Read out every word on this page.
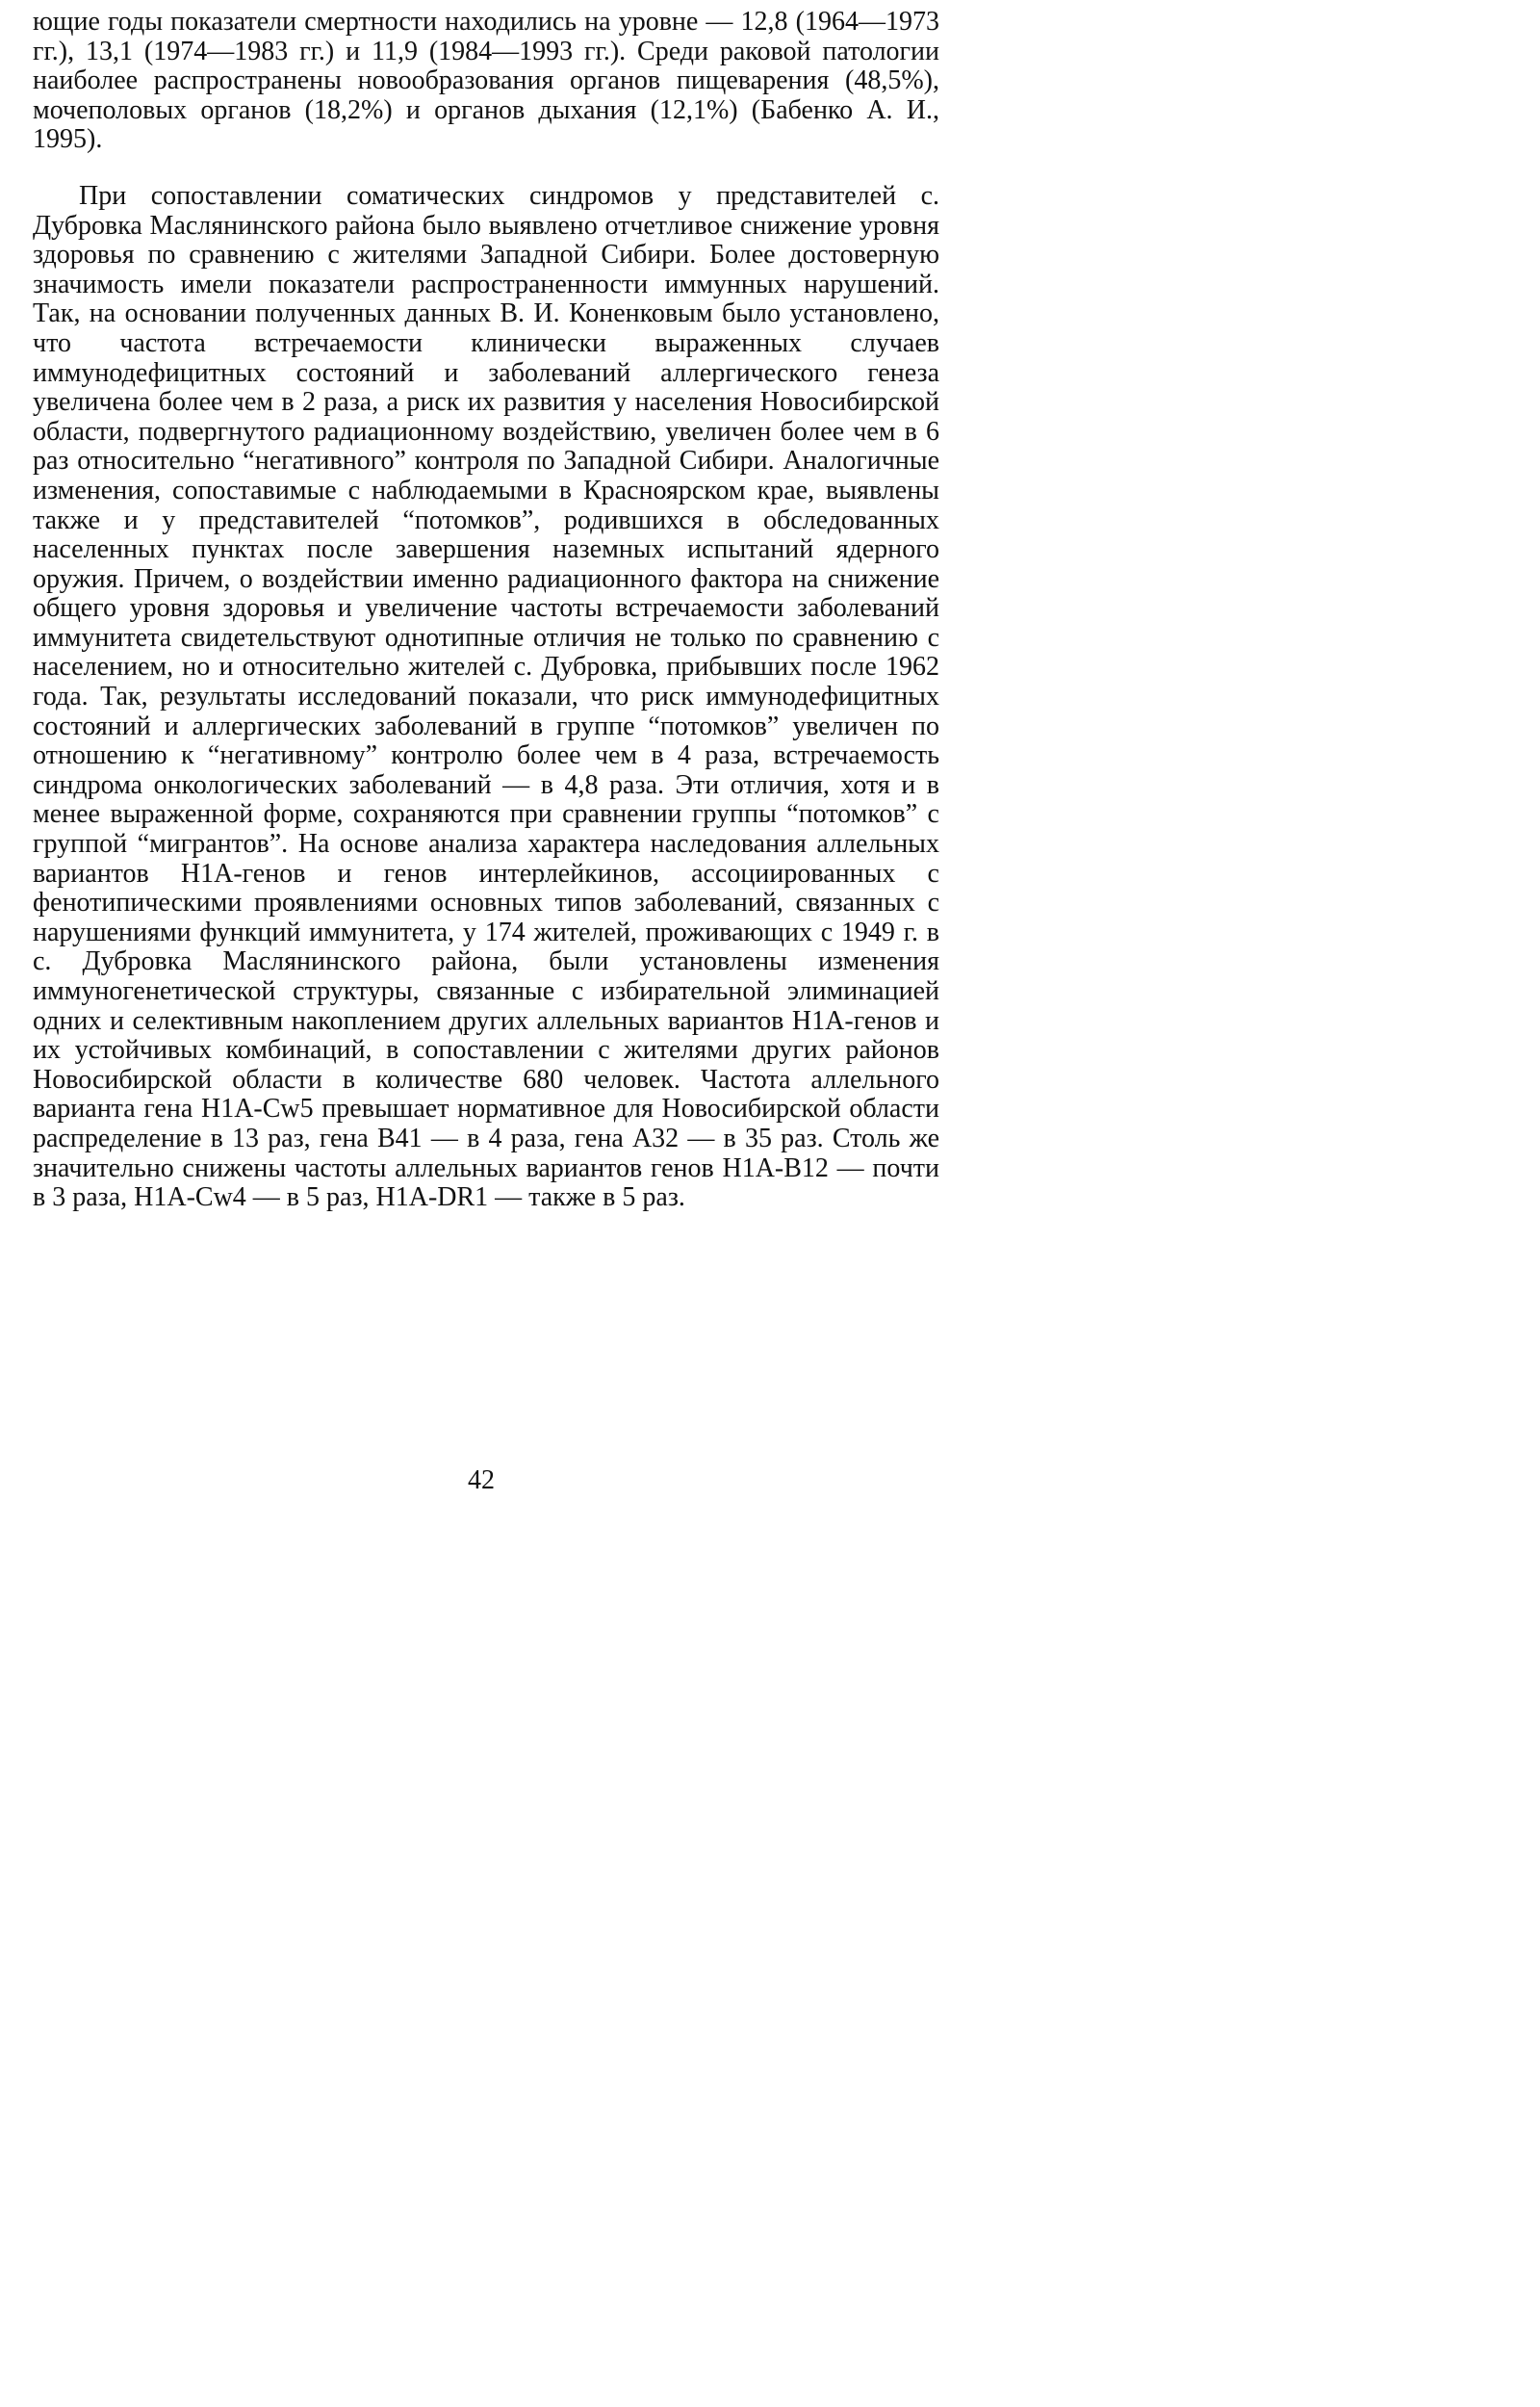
ющие годы показатели смертности находились на уровне — 12,8 (1964—1973 гг.), 13,1 (1974—1983 гг.) и 11,9 (1984—1993 гг.). Среди раковой патологии наиболее распространены новообразования органов пищеварения (48,5%), мочеполовых органов (18,2%) и органов дыхания (12,1%) (Бабенко А. И., 1995).

При сопоставлении соматических синдромов у представителей с. Дубровка Маслянинского района было выявлено отчетливое снижение уровня здоровья по сравнению с жителями Западной Сибири. Более достоверную значимость имели показатели распространенности иммунных нарушений. Так, на основании полученных данных В. И. Коненковым было установлено, что частота встречаемости клинически выраженных случаев иммунодефицитных состояний и заболеваний аллергического генеза увеличена более чем в 2 раза, а риск их развития у населения Новосибирской области, подвергнутого радиационному воздействию, увеличен более чем в 6 раз относительно “негативного” контроля по Западной Сибири. Аналогичные изменения, сопоставимые с наблюдаемыми в Красноярском крае, выявлены также и у представителей “потомков”, родившихся в обследованных населенных пунктах после завершения наземных испытаний ядерного оружия. Причем, о воздействии именно радиационного фактора на снижение общего уровня здоровья и увеличение частоты встречаемости заболеваний иммунитета свидетельствуют однотипные отличия не только по сравнению с населением, но и относительно жителей с. Дубровка, прибывших после 1962 года. Так, результаты исследований показали, что риск иммунодефицитных состояний и аллергических заболеваний в группе “потомков” увеличен по отношению к “негативному” контролю более чем в 4 раза, встречаемость синдрома онкологических заболеваний — в 4,8 раза. Эти отличия, хотя и в менее выраженной форме, сохраняются при сравнении группы “потомков” с группой “мигрантов”. На основе анализа характера наследования аллельных вариантов H1A-генов и генов интерлейкинов, ассоциированных с фенотипическими проявлениями основных типов заболеваний, связанных с нарушениями функций иммунитета, у 174 жителей, проживающих с 1949 г. в с. Дубровка Маслянинского района, были установлены изменения иммуногенетической структуры, связанные с избирательной элиминацией одних и селективным накоплением других аллельных вариантов H1A-генов и их устойчивых комбинаций, в сопоставлении с жителями других районов Новосибирской области в количестве 680 человек. Частота аллельного варианта гена H1A-Cw5 превышает нормативное для Новосибирской области распределение в 13 раз, гена B41 — в 4 раза, гена A32 — в 35 раз. Столь же значительно снижены частоты аллельных вариантов генов H1A-B12 — почти в 3 раза, H1A-Cw4 — в 5 раз, H1A-DR1 — также в 5 раз.

42
